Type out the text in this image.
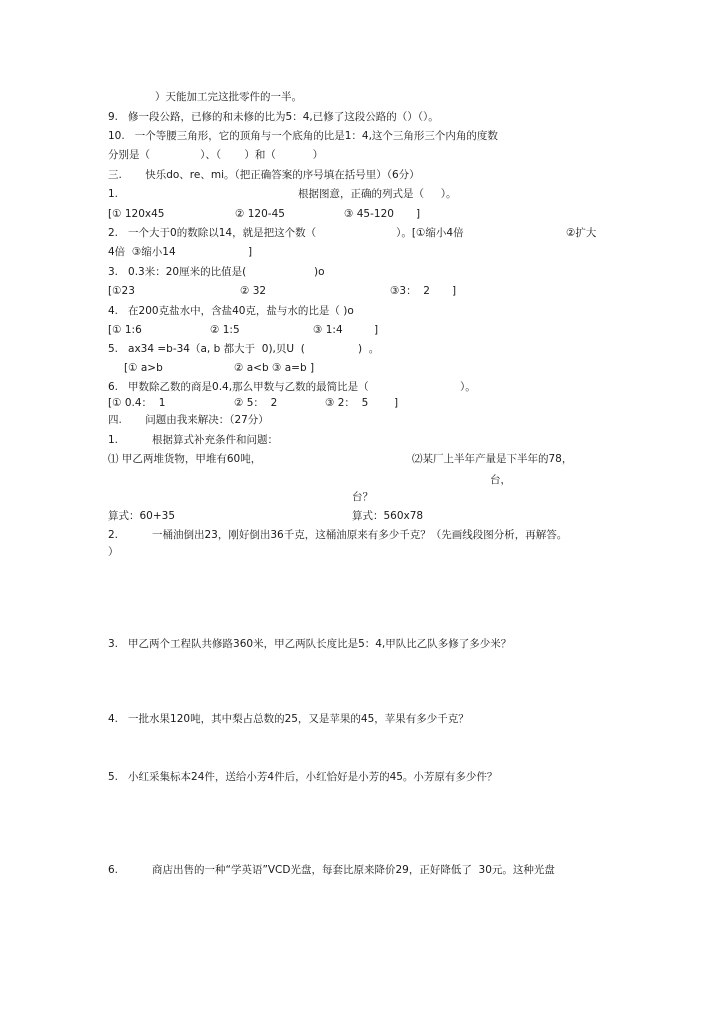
）天能加工完这批零件的一半。
9.   修一段公路，已修的和未修的比为5：4,已修了这段公路的（）（）。
10.   一个等腰三角形，它的顶角与一个底角的比是1：4,这个三角形三个内角的度数
分别是（               ）、（       ）和（           ）
三.       快乐do、re、mi。（把正确答案的序号填在括号里）（6分）
1.	根据图意，正确的列式是（     ）。
[① 120x45	② 120-45	③ 45-120 ]
2.   一个大于0的数除以14，就是把这个数（                        ）。[①缩小4倍	②扩大
4倍  ③缩小14	]
3.   0.3米：20厘米的比值是(	)o
[①23	② 32	③3：  2 ]
4.   在200克盐水中，含盐40克，盐与水的比是（ )o
[① 1:6	② 1:5	③ 1:4	]
5.   ax34 =b-34（a, b 都大于  0),贝U  (	)  。
[① a>b	② a<b ③ a=b ]
6.   甲数除乙数的商是0.4,那么甲数与乙数的最简比是（	）。
[① 0.4：  1	② 5：  2	③ 2：  5 ]
四.       问题由我来解决：（27分）
1.	根据算式补充条件和问题：
⑴ 甲乙两堆货物，甲堆有60吨，	⑵某厂上半年产量是下半年的78，
台，
台？
算式：60+35	算式：560x78
2.	一桶油倒出23，刚好倒出36千克，这桶油原来有多少千克？（先画线段图分析，再解答。
）
3.   甲乙两个工程队共修路360米，甲乙两队长度比是5：4,甲队比乙队多修了多少米？
4.   一批水果120吨，其中梨占总数的25，又是苹果的45，苹果有多少千克？
5.   小红采集标本24件，送给小芳4件后，小红恰好是小芳的45。小芳原有多少件？
6.	商店出售的一种“学英语”VCD光盘，每套比原来降价29，正好降低了  30元。这种光盘
